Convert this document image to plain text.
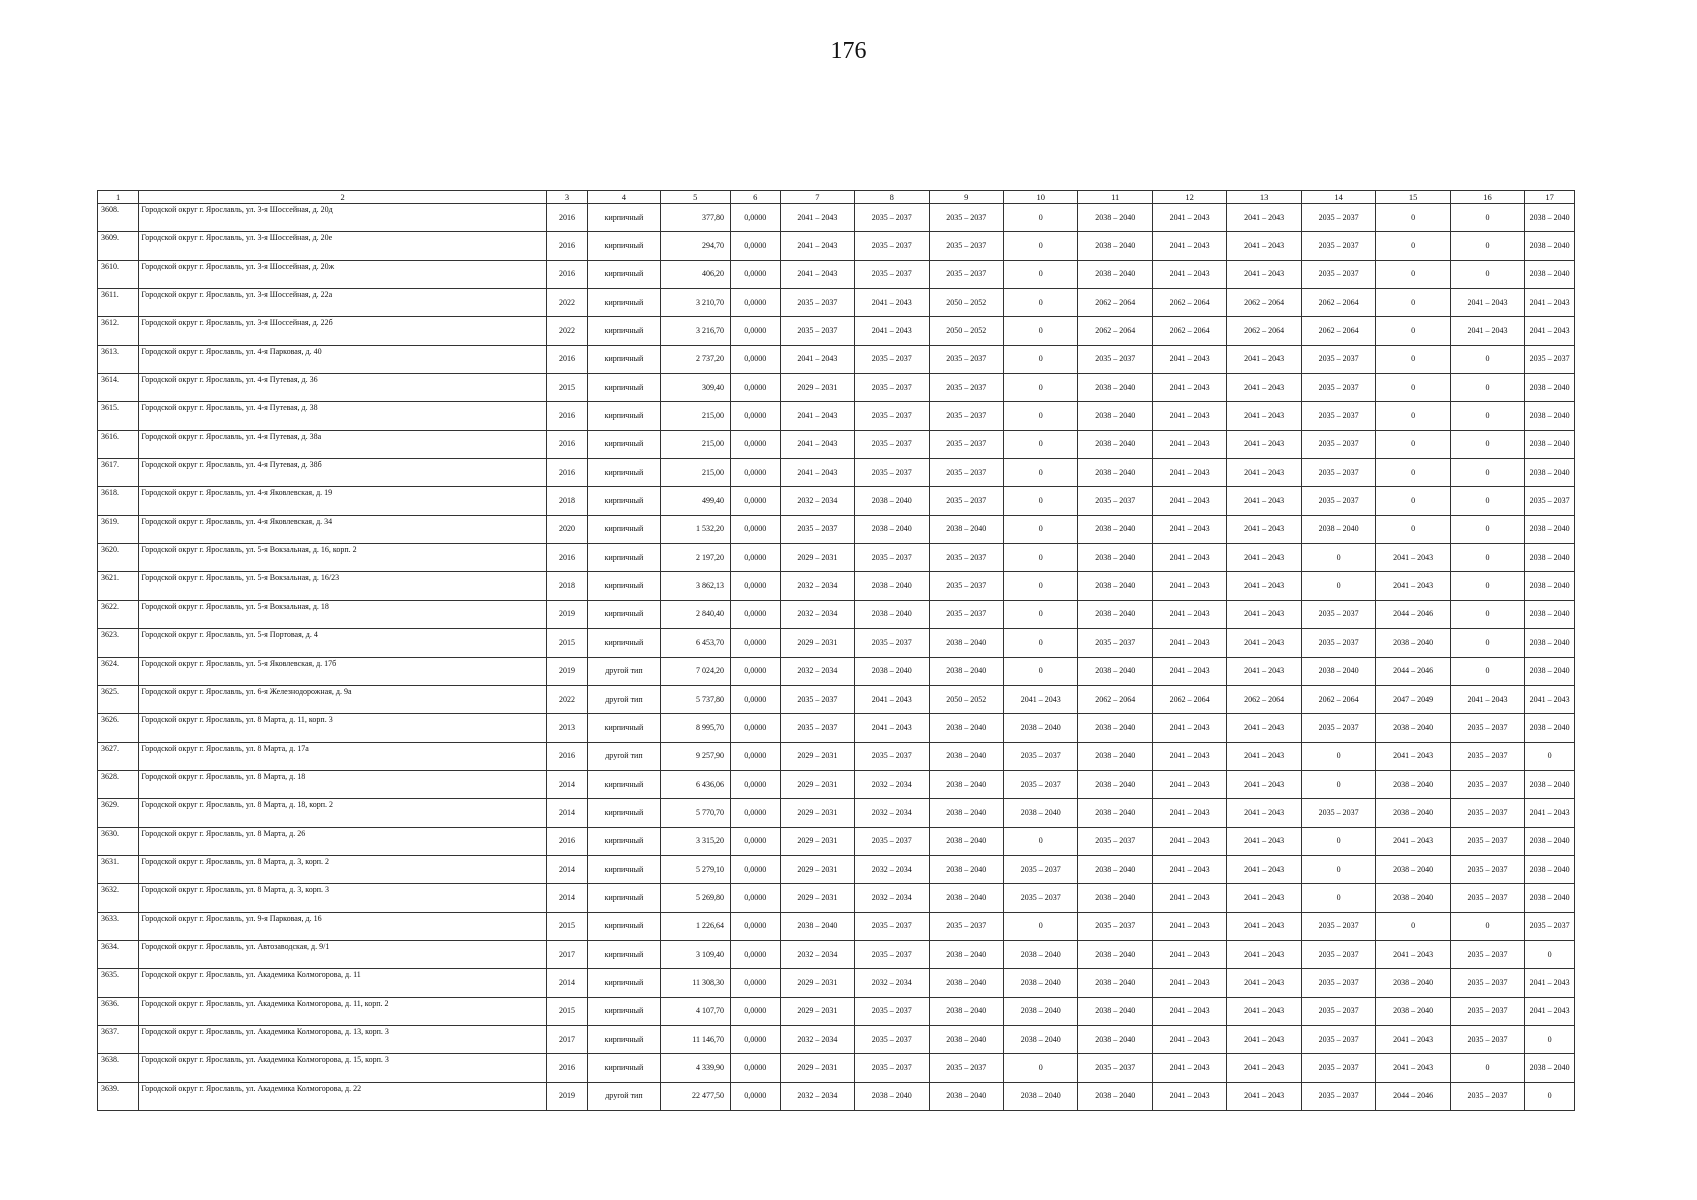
176
1	2	3	4	5	6	7	8	9	10	11	12	13	14	15	16	17
3608.	Городской округ г. Ярославль, ул. 3-я Шоссейная, д. 20д	2016	кирпичный	377,80	0,0000	2041 – 2043	2035 – 2037	2035 – 2037	0	2038 – 2040	2041 – 2043	2041 – 2043	2035 – 2037	0	0	2038 – 2040
3609.	Городской округ г. Ярославль, ул. 3-я Шоссейная, д. 20е	2016	кирпичный	294,70	0,0000	2041 – 2043	2035 – 2037	2035 – 2037	0	2038 – 2040	2041 – 2043	2041 – 2043	2035 – 2037	0	0	2038 – 2040
3610.	Городской округ г. Ярославль, ул. 3-я Шоссейная, д. 20ж	2016	кирпичный	406,20	0,0000	2041 – 2043	2035 – 2037	2035 – 2037	0	2038 – 2040	2041 – 2043	2041 – 2043	2035 – 2037	0	0	2038 – 2040
3611.	Городской округ г. Ярославль, ул. 3-я Шоссейная, д. 22а	2022	кирпичный	3 210,70	0,0000	2035 – 2037	2041 – 2043	2050 – 2052	0	2062 – 2064	2062 – 2064	2062 – 2064	2062 – 2064	0	2041 – 2043	2041 – 2043
3612.	Городской округ г. Ярославль, ул. 3-я Шоссейная, д. 22б	2022	кирпичный	3 216,70	0,0000	2035 – 2037	2041 – 2043	2050 – 2052	0	2062 – 2064	2062 – 2064	2062 – 2064	2062 – 2064	0	2041 – 2043	2041 – 2043
3613.	Городской округ г. Ярославль, ул. 4-я Парковая, д. 40	2016	кирпичный	2 737,20	0,0000	2041 – 2043	2035 – 2037	2035 – 2037	0	2035 – 2037	2041 – 2043	2041 – 2043	2035 – 2037	0	0	2035 – 2037
3614.	Городской округ г. Ярославль, ул. 4-я Путевая, д. 36	2015	кирпичный	309,40	0,0000	2029 – 2031	2035 – 2037	2035 – 2037	0	2038 – 2040	2041 – 2043	2041 – 2043	2035 – 2037	0	0	2038 – 2040
3615.	Городской округ г. Ярославль, ул. 4-я Путевая, д. 38	2016	кирпичный	215,00	0,0000	2041 – 2043	2035 – 2037	2035 – 2037	0	2038 – 2040	2041 – 2043	2041 – 2043	2035 – 2037	0	0	2038 – 2040
3616.	Городской округ г. Ярославль, ул. 4-я Путевая, д. 38а	2016	кирпичный	215,00	0,0000	2041 – 2043	2035 – 2037	2035 – 2037	0	2038 – 2040	2041 – 2043	2041 – 2043	2035 – 2037	0	0	2038 – 2040
3617.	Городской округ г. Ярославль, ул. 4-я Путевая, д. 38б	2016	кирпичный	215,00	0,0000	2041 – 2043	2035 – 2037	2035 – 2037	0	2038 – 2040	2041 – 2043	2041 – 2043	2035 – 2037	0	0	2038 – 2040
3618.	Городской округ г. Ярославль, ул. 4-я Яковлевская, д. 19	2018	кирпичный	499,40	0,0000	2032 – 2034	2038 – 2040	2035 – 2037	0	2035 – 2037	2041 – 2043	2041 – 2043	2035 – 2037	0	0	2035 – 2037
3619.	Городской округ г. Ярославль, ул. 4-я Яковлевская, д. 34	2020	кирпичный	1 532,20	0,0000	2035 – 2037	2038 – 2040	2038 – 2040	0	2038 – 2040	2041 – 2043	2041 – 2043	2038 – 2040	0	0	2038 – 2040
3620.	Городской округ г. Ярославль, ул. 5-я Вокзальная, д. 16, корп. 2	2016	кирпичный	2 197,20	0,0000	2029 – 2031	2035 – 2037	2035 – 2037	0	2038 – 2040	2041 – 2043	2041 – 2043	0	2041 – 2043	0	2038 – 2040
3621.	Городской округ г. Ярославль, ул. 5-я Вокзальная, д. 16/23	2018	кирпичный	3 862,13	0,0000	2032 – 2034	2038 – 2040	2035 – 2037	0	2038 – 2040	2041 – 2043	2041 – 2043	0	2041 – 2043	0	2038 – 2040
3622.	Городской округ г. Ярославль, ул. 5-я Вокзальная, д. 18	2019	кирпичный	2 840,40	0,0000	2032 – 2034	2038 – 2040	2035 – 2037	0	2038 – 2040	2041 – 2043	2041 – 2043	2035 – 2037	2044 – 2046	0	2038 – 2040
3623.	Городской округ г. Ярославль, ул. 5-я Портовая, д. 4	2015	кирпичный	6 453,70	0,0000	2029 – 2031	2035 – 2037	2038 – 2040	0	2035 – 2037	2041 – 2043	2041 – 2043	2035 – 2037	2038 – 2040	0	2038 – 2040
3624.	Городской округ г. Ярославль, ул. 5-я Яковлевская, д. 17б	2019	другой тип	7 024,20	0,0000	2032 – 2034	2038 – 2040	2038 – 2040	0	2038 – 2040	2041 – 2043	2041 – 2043	2038 – 2040	2044 – 2046	0	2038 – 2040
3625.	Городской округ г. Ярославль, ул. 6-я Железнодорожная, д. 9а	2022	другой тип	5 737,80	0,0000	2035 – 2037	2041 – 2043	2050 – 2052	2041 – 2043	2062 – 2064	2062 – 2064	2062 – 2064	2062 – 2064	2047 – 2049	2041 – 2043	2041 – 2043
3626.	Городской округ г. Ярославль, ул. 8 Марта, д. 11, корп. 3	2013	кирпичный	8 995,70	0,0000	2035 – 2037	2041 – 2043	2038 – 2040	2038 – 2040	2038 – 2040	2041 – 2043	2041 – 2043	2035 – 2037	2038 – 2040	2035 – 2037	2038 – 2040
3627.	Городской округ г. Ярославль, ул. 8 Марта, д. 17а	2016	другой тип	9 257,90	0,0000	2029 – 2031	2035 – 2037	2038 – 2040	2035 – 2037	2038 – 2040	2041 – 2043	2041 – 2043	0	2041 – 2043	2035 – 2037	0
3628.	Городской округ г. Ярославль, ул. 8 Марта, д. 18	2014	кирпичный	6 436,06	0,0000	2029 – 2031	2032 – 2034	2038 – 2040	2035 – 2037	2038 – 2040	2041 – 2043	2041 – 2043	0	2038 – 2040	2035 – 2037	2038 – 2040
3629.	Городской округ г. Ярославль, ул. 8 Марта, д. 18, корп. 2	2014	кирпичный	5 770,70	0,0000	2029 – 2031	2032 – 2034	2038 – 2040	2038 – 2040	2038 – 2040	2041 – 2043	2041 – 2043	2035 – 2037	2038 – 2040	2035 – 2037	2041 – 2043
3630.	Городской округ г. Ярославль, ул. 8 Марта, д. 26	2016	кирпичный	3 315,20	0,0000	2029 – 2031	2035 – 2037	2038 – 2040	0	2035 – 2037	2041 – 2043	2041 – 2043	0	2041 – 2043	2035 – 2037	2038 – 2040
3631.	Городской округ г. Ярославль, ул. 8 Марта, д. 3, корп. 2	2014	кирпичный	5 279,10	0,0000	2029 – 2031	2032 – 2034	2038 – 2040	2035 – 2037	2038 – 2040	2041 – 2043	2041 – 2043	0	2038 – 2040	2035 – 2037	2038 – 2040
3632.	Городской округ г. Ярославль, ул. 8 Марта, д. 3, корп. 3	2014	кирпичный	5 269,80	0,0000	2029 – 2031	2032 – 2034	2038 – 2040	2035 – 2037	2038 – 2040	2041 – 2043	2041 – 2043	0	2038 – 2040	2035 – 2037	2038 – 2040
3633.	Городской округ г. Ярославль, ул. 9-я Парковая, д. 16	2015	кирпичный	1 226,64	0,0000	2038 – 2040	2035 – 2037	2035 – 2037	0	2035 – 2037	2041 – 2043	2041 – 2043	2035 – 2037	0	0	2035 – 2037
3634.	Городской округ г. Ярославль, ул. Автозаводская, д. 9/1	2017	кирпичный	3 109,40	0,0000	2032 – 2034	2035 – 2037	2038 – 2040	2038 – 2040	2038 – 2040	2041 – 2043	2041 – 2043	2035 – 2037	2041 – 2043	2035 – 2037	0
3635.	Городской округ г. Ярославль, ул. Академика Колмогорова, д. 11	2014	кирпичный	11 308,30	0,0000	2029 – 2031	2032 – 2034	2038 – 2040	2038 – 2040	2038 – 2040	2041 – 2043	2041 – 2043	2035 – 2037	2038 – 2040	2035 – 2037	2041 – 2043
3636.	Городской округ г. Ярославль, ул. Академика Колмогорова, д. 11, корп. 2	2015	кирпичный	4 107,70	0,0000	2029 – 2031	2035 – 2037	2038 – 2040	2038 – 2040	2038 – 2040	2041 – 2043	2041 – 2043	2035 – 2037	2038 – 2040	2035 – 2037	2041 – 2043
3637.	Городской округ г. Ярославль, ул. Академика Колмогорова, д. 13, корп. 3	2017	кирпичный	11 146,70	0,0000	2032 – 2034	2035 – 2037	2038 – 2040	2038 – 2040	2038 – 2040	2041 – 2043	2041 – 2043	2035 – 2037	2041 – 2043	2035 – 2037	0
3638.	Городской округ г. Ярославль, ул. Академика Колмогорова, д. 15, корп. 3	2016	кирпичный	4 339,90	0,0000	2029 – 2031	2035 – 2037	2035 – 2037	0	2035 – 2037	2041 – 2043	2041 – 2043	2035 – 2037	2041 – 2043	0	2038 – 2040
3639.	Городской округ г. Ярославль, ул. Академика Колмогорова, д. 22	2019	другой тип	22 477,50	0,0000	2032 – 2034	2038 – 2040	2038 – 2040	2038 – 2040	2038 – 2040	2041 – 2043	2041 – 2043	2035 – 2037	2044 – 2046	2035 – 2037	0
